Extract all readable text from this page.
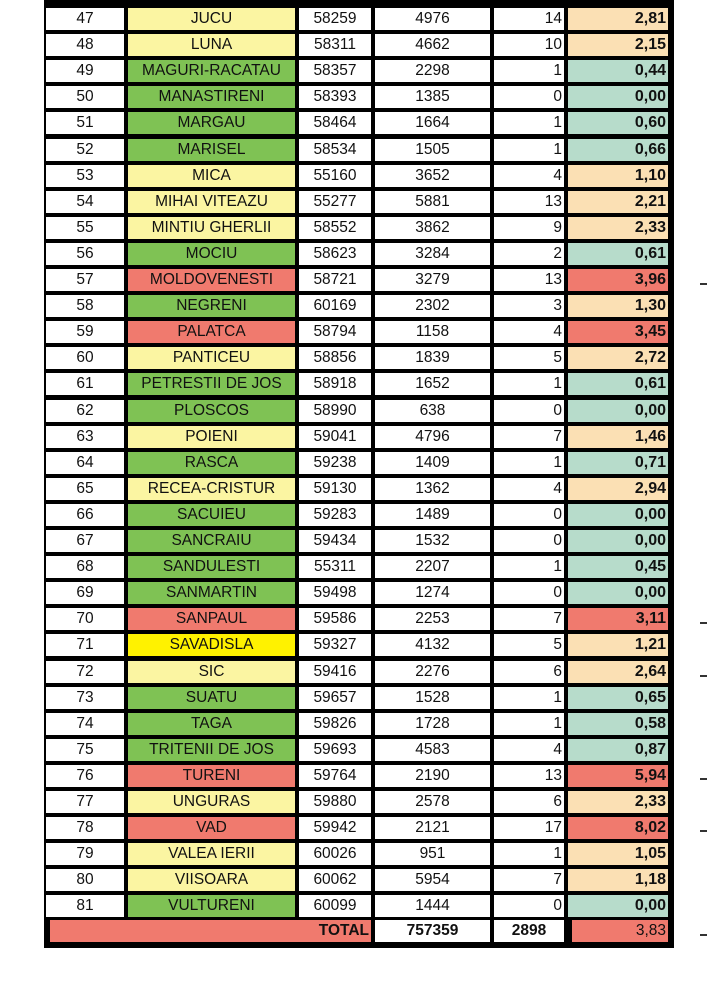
47	JUCU	58259	4976	14	2,81
48	LUNA	58311	4662	10	2,15
49	MAGURI-RACATAU	58357	2298	1	0,44
50	MANASTIRENI	58393	1385	0	0,00
51	MARGAU	58464	1664	1	0,60
52	MARISEL	58534	1505	1	0,66
53	MICA	55160	3652	4	1,10
54	MIHAI VITEAZU	55277	5881	13	2,21
55	MINTIU GHERLII	58552	3862	9	2,33
56	MOCIU	58623	3284	2	0,61
57	MOLDOVENESTI	58721	3279	13	3,96
58	NEGRENI	60169	2302	3	1,30
59	PALATCA	58794	1158	4	3,45
60	PANTICEU	58856	1839	5	2,72
61	PETRESTII DE JOS	58918	1652	1	0,61
62	PLOSCOS	58990	638	0	0,00
63	POIENI	59041	4796	7	1,46
64	RASCA	59238	1409	1	0,71
65	RECEA-CRISTUR	59130	1362	4	2,94
66	SACUIEU	59283	1489	0	0,00
67	SANCRAIU	59434	1532	0	0,00
68	SANDULESTI	55311	2207	1	0,45
69	SANMARTIN	59498	1274	0	0,00
70	SANPAUL	59586	2253	7	3,11
71	SAVADISLA	59327	4132	5	1,21
72	SIC	59416	2276	6	2,64
73	SUATU	59657	1528	1	0,65
74	TAGA	59826	1728	1	0,58
75	TRITENII DE JOS	59693	4583	4	0,87
76	TURENI	59764	2190	13	5,94
77	UNGURAS	59880	2578	6	2,33
78	VAD	59942	2121	17	8,02
79	VALEA IERII	60026	951	1	1,05
80	VIISOARA	60062	5954	7	1,18
81	VULTURENI	60099	1444	0	0,00
TOTAL	757359	2898	3,83
